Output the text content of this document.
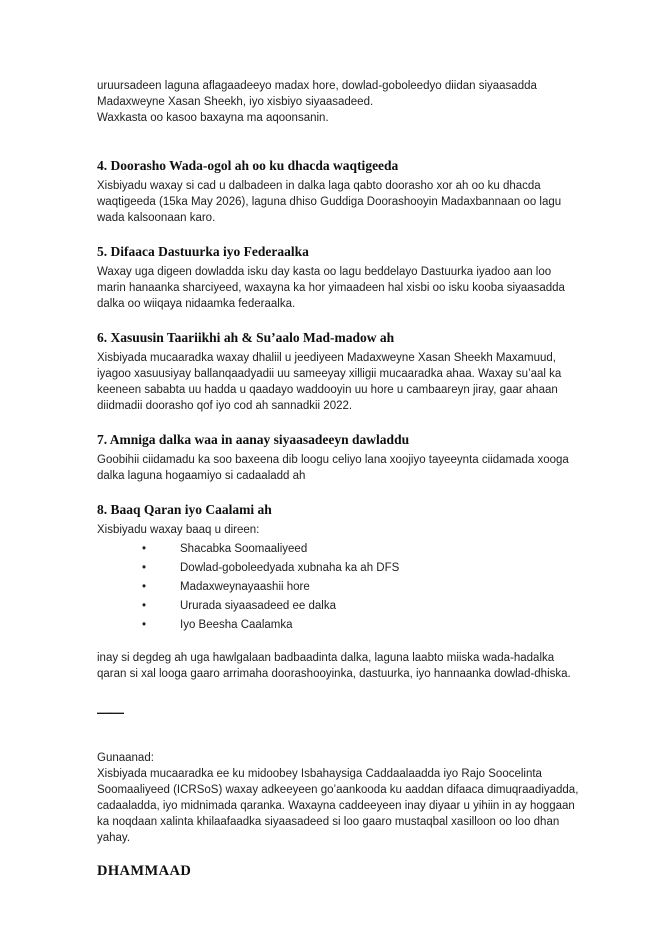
uruursadeen laguna aflagaadeeyo madax hore, dowlad-goboleedyo diidan siyaasadda Madaxweyne Xasan Sheekh, iyo xisbiyo siyaasadeed.

Waxkasta oo kasoo baxayna ma aqoonsanin.

4. Doorasho Wada-ogol ah oo ku dhacda waqtigeeda

Xisbiyadu waxay si cad u dalbadeen in dalka laga qabto doorasho xor ah oo ku dhacda waqtigeeda (15ka May 2026), laguna dhiso Guddiga Doorashooyin Madaxbannaan oo lagu wada kalsoonaan karo.

5. Difaaca Dastuurka iyo Federaalka

Waxay uga digeen dowladda isku day kasta oo lagu beddelayo Dastuurka iyadoo aan loo marin hanaanka sharciyeed, waxayna ka hor yimaadeen hal xisbi oo isku kooba siyaasadda dalka oo wiiqaya nidaamka federaalka.

6. Xasuusin Taariikhi ah & Su’aalo Mad-madow ah

Xisbiyada mucaaradka waxay dhaliil u jeediyeen Madaxweyne Xasan Sheekh Maxamuud, iyagoo xasuusiyay ballanqaadyadii uu sameeyay xilligii mucaaradka ahaa. Waxay su’aal ka keeneen sababta uu hadda u qaadayo waddooyin uu hore u cambaareyn jiray, gaar ahaan diidmadii doorasho qof iyo cod ah sannadkii 2022.

7. Amniga dalka waa in aanay siyaasadeeyn dawladdu

Goobihii ciidamadu ka soo baxeena dib loogu celiyo lana xoojiyo tayeeynta ciidamada xooga dalka laguna hogaamiyo si cadaaladd ah

8. Baaq Qaran iyo Caalami ah

Xisbiyadu waxay baaq u direen:

•	Shacabka Soomaaliyeed
•	Dowlad-goboleedyada xubnaha ka ah DFS
•	Madaxweynayaashii hore
•	Ururada siyaasadeed ee dalka
•	Iyo Beesha Caalamka

inay si degdeg ah uga hawlgalaan badbaadinta dalka, laguna laabto miiska wada-hadalka qaran si xal looga gaaro arrimaha doorashooyinka, dastuurka, iyo hannaanka dowlad-dhiska.

——

Gunaanad:

Xisbiyada mucaaradka ee ku midoobey Isbahaysiga Caddaalaadda iyo Rajo Soocelinta Soomaaliyeed (ICRSoS) waxay adkeeyeen go’aankooda ku aaddan difaaca dimuqraadiyadda, cadaaladda, iyo midnimada qaranka. Waxayna caddeeyeen inay diyaar u yihiin in ay hoggaan ka noqdaan xalinta khilaafaadka siyaasadeed si loo gaaro mustaqbal xasilloon oo loo dhan yahay.

DHAMMAAD
